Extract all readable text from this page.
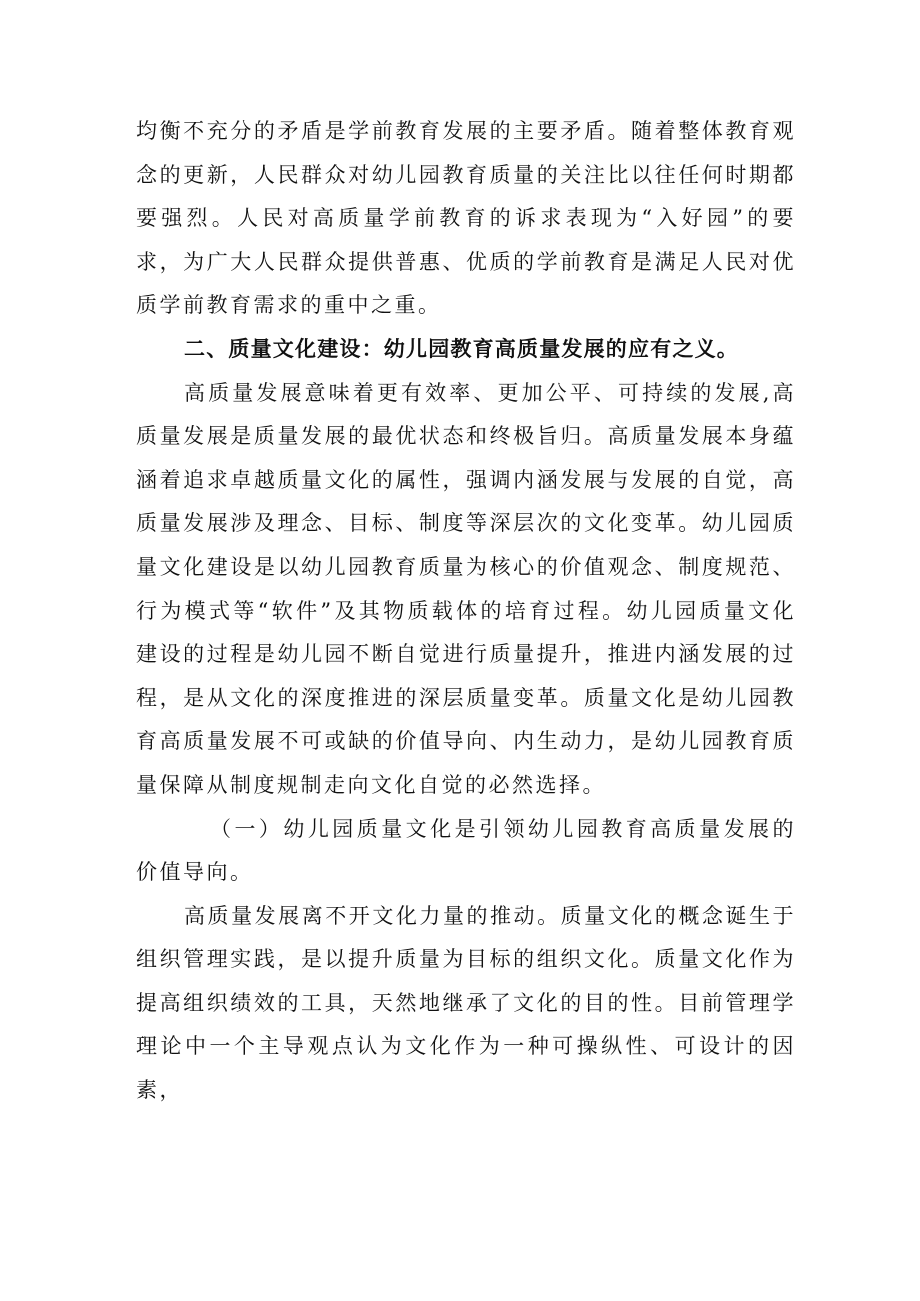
均衡不充分的矛盾是学前教育发展的主要矛盾。随着整体教育观念的更新，人民群众对幼儿园教育质量的关注比以往任何时期都要强烈。人民对高质量学前教育的诉求表现为“入好园”的要求，为广大人民群众提供普惠、优质的学前教育是满足人民对优质学前教育需求的重中之重。

二、质量文化建设：幼儿园教育高质量发展的应有之义。

高质量发展意味着更有效率、更加公平、可持续的发展,高质量发展是质量发展的最优状态和终极旨归。高质量发展本身蕴涵着追求卓越质量文化的属性，强调内涵发展与发展的自觉，高质量发展涉及理念、目标、制度等深层次的文化变革。幼儿园质量文化建设是以幼儿园教育质量为核心的价值观念、制度规范、行为模式等“软件”及其物质载体的培育过程。幼儿园质量文化建设的过程是幼儿园不断自觉进行质量提升，推进内涵发展的过程，是从文化的深度推进的深层质量变革。质量文化是幼儿园教育高质量发展不可或缺的价值导向、内生动力，是幼儿园教育质量保障从制度规制走向文化自觉的必然选择。

（一）幼儿园质量文化是引领幼儿园教育高质量发展的价值导向。

高质量发展离不开文化力量的推动。质量文化的概念诞生于组织管理实践，是以提升质量为目标的组织文化。质量文化作为提高组织绩效的工具，天然地继承了文化的目的性。目前管理学理论中一个主导观点认为文化作为一种可操纵性、可设计的因素，
